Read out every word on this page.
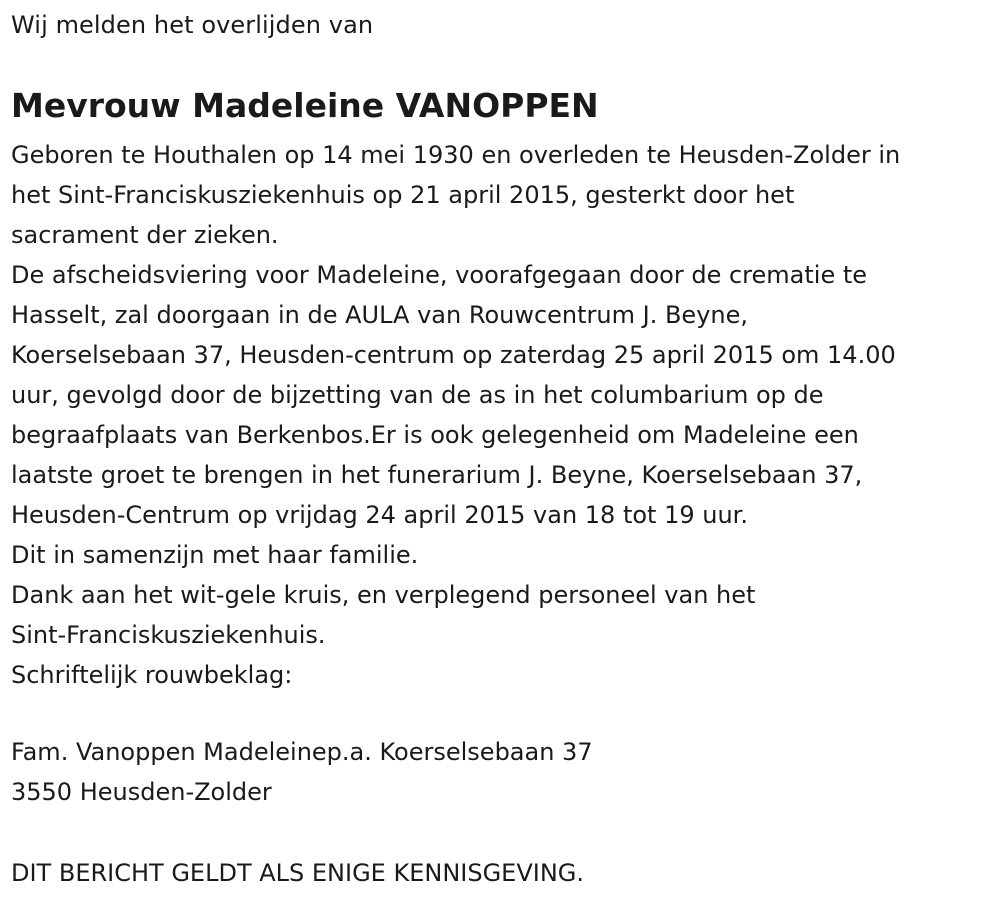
Wij melden het overlijden van
Mevrouw Madeleine VANOPPEN
Geboren te Houthalen op 14 mei 1930 en overleden te Heusden-Zolder in
het Sint-Franciskusziekenhuis op 21 april 2015, gesterkt door het
sacrament der zieken.
De afscheidsviering voor Madeleine, voorafgegaan door de crematie te
Hasselt, zal doorgaan in de AULA van Rouwcentrum J. Beyne,
Koerselsebaan 37, Heusden-centrum op zaterdag 25 april 2015 om 14.00
uur, gevolgd door de bijzetting van de as in het columbarium op de
begraafplaats van Berkenbos.Er is ook gelegenheid om Madeleine een
laatste groet te brengen in het funerarium J. Beyne, Koerselsebaan 37,
Heusden-Centrum op vrijdag 24 april 2015 van 18 tot 19 uur.
Dit in samenzijn met haar familie.
Dank aan het wit-gele kruis, en verplegend personeel van het
Sint-Franciskusziekenhuis.
Schriftelijk rouwbeklag:
Fam. Vanoppen Madeleinep.a. Koerselsebaan 37
3550 Heusden-Zolder
DIT BERICHT GELDT ALS ENIGE KENNISGEVING.
